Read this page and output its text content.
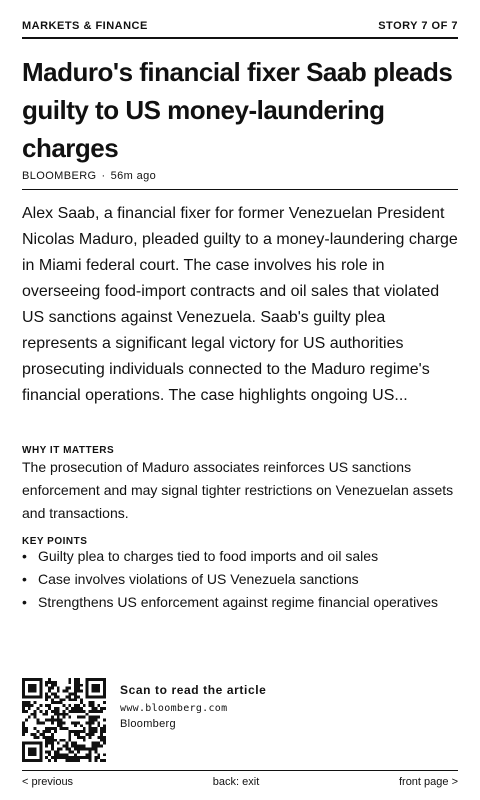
MARKETS & FINANCE	STORY 7 OF 7
Maduro's financial fixer Saab pleads guilty to US money-laundering charges
BLOOMBERG · 56m ago

Alex Saab, a financial fixer for former Venezuelan President Nicolas Maduro, pleaded guilty to a money-laundering charge in Miami federal court. The case involves his role in overseeing food-import contracts and oil sales that violated US sanctions against Venezuela. Saab's guilty plea represents a significant legal victory for US authorities prosecuting individuals connected to the Maduro regime's financial operations. The case highlights ongoing US...

WHY IT MATTERS

The prosecution of Maduro associates reinforces US sanctions enforcement and may signal tighter restrictions on Venezuelan assets and transactions.

KEY POINTS
• Guilty plea to charges tied to food imports and oil sales
• Case involves violations of US Venezuela sanctions
• Strengthens US enforcement against regime financial operatives
Scan to read the article
www.bloomberg.com
Bloomberg
< previous	back: exit	front page >
